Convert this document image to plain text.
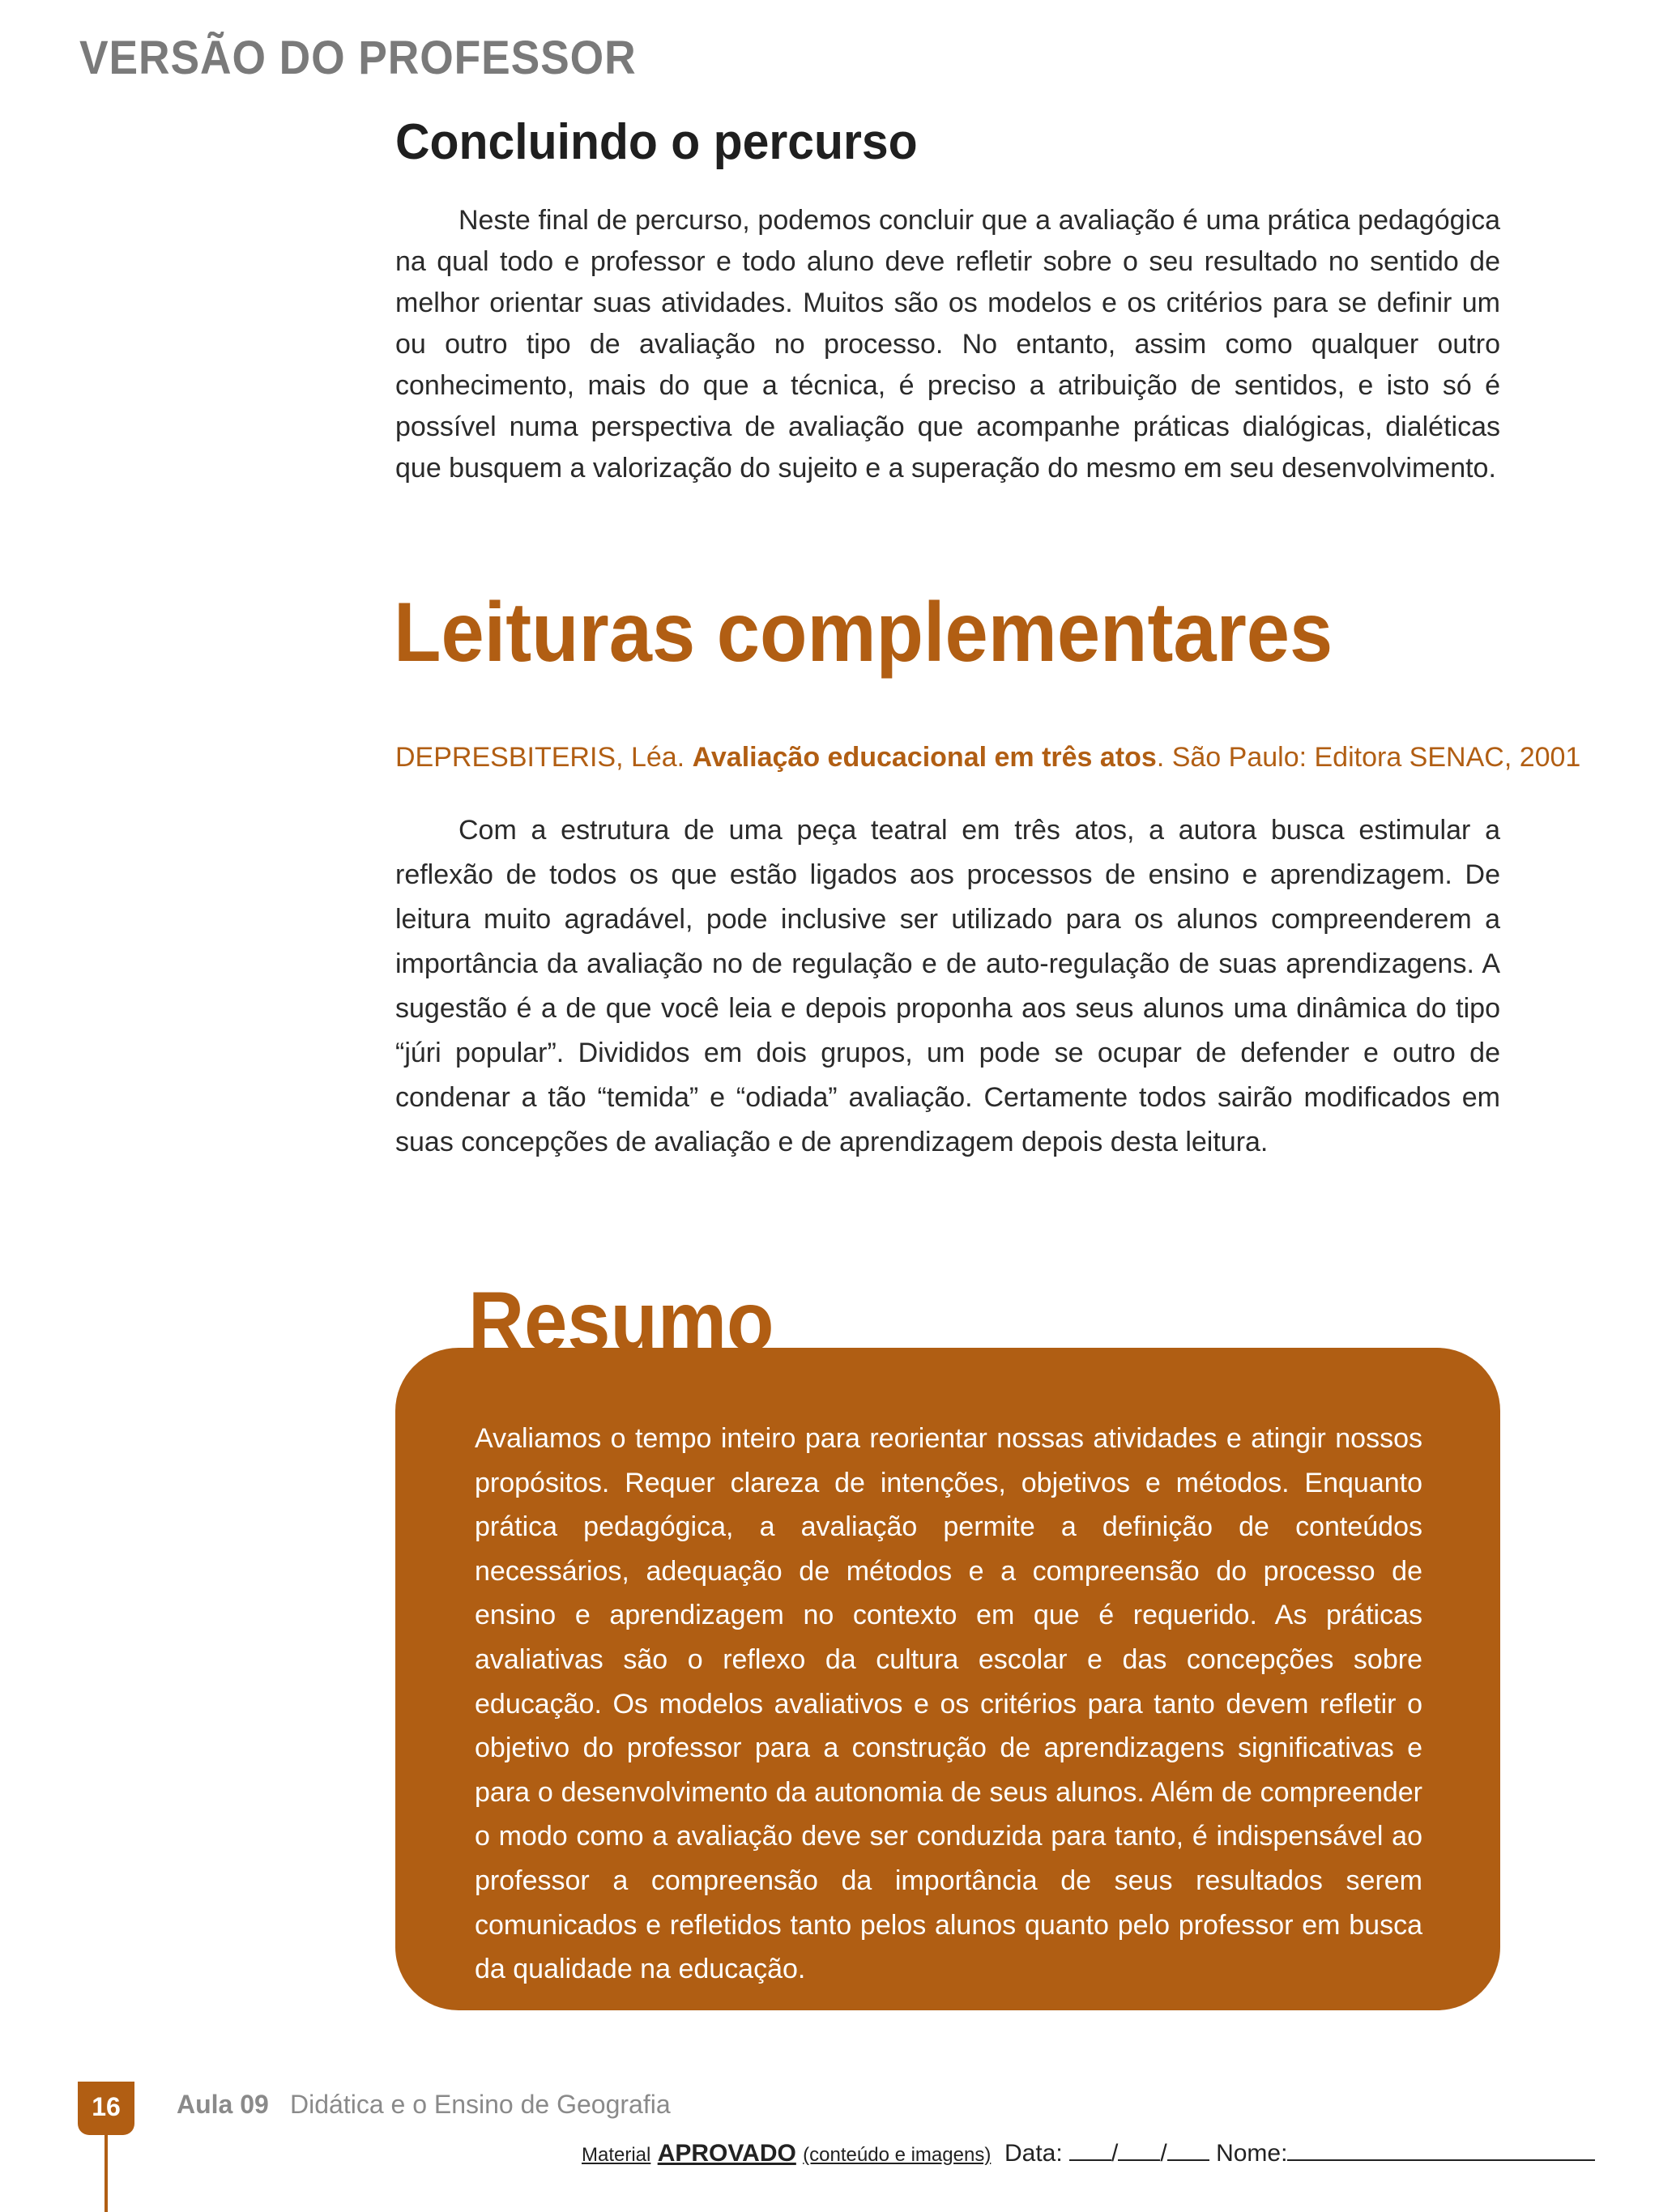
VERSÃO DO PROFESSOR
Concluindo o percurso
Neste final de percurso, podemos concluir que a avaliação é uma prática pedagógica na qual todo e professor e todo aluno deve refletir sobre o seu resultado no sentido de melhor orientar suas atividades. Muitos são os modelos e os critérios para se definir um ou outro tipo de avaliação no processo. No entanto, assim como qualquer outro conhecimento, mais do que a técnica, é preciso a atribuição de sentidos, e isto só é possível numa perspectiva de avaliação que acompanhe práticas dialógicas, dialéticas que busquem a valorização do sujeito e a superação do mesmo em seu desenvolvimento.
Leituras complementares
DEPRESBITERIS, Léa. Avaliação educacional em três atos. São Paulo: Editora SENAC, 2001
Com a estrutura de uma peça teatral em três atos, a autora busca estimular a reflexão de todos os que estão ligados aos processos de ensino e aprendizagem. De leitura muito agradável, pode inclusive ser utilizado para os alunos compreenderem a importância da avaliação no de regulação e de auto-regulação de suas aprendizagens. A sugestão é a de que você leia e depois proponha aos seus alunos uma dinâmica do tipo “júri popular”. Divididos em dois grupos, um pode se ocupar de defender e outro de condenar a tão “temida” e “odiada” avaliação. Certamente todos sairão modificados em suas concepções de avaliação e de aprendizagem depois desta leitura.
Resumo
Avaliamos o tempo inteiro para reorientar nossas atividades e atingir nossos propósitos. Requer clareza de intenções, objetivos e métodos. Enquanto prática pedagógica, a avaliação permite a definição de conteúdos necessários, adequação de métodos e a compreensão do processo de ensino e aprendizagem no contexto em que é requerido. As práticas avaliativas são o reflexo da cultura escolar e das concepções sobre educação. Os modelos avaliativos e os critérios para tanto devem refletir o objetivo do professor para a construção de aprendizagens significativas e para o desenvolvimento da autonomia de seus alunos. Além de compreender o modo como a avaliação deve ser conduzida para tanto, é indispensável ao professor a compreensão da importância de seus resultados serem comunicados e refletidos tanto pelos alunos quanto pelo professor em busca da qualidade na educação.
16	Aula 09 Didática e o Ensino de Geografia
Material APROVADO (conteúdo e imagens) Data: / / Nome:
